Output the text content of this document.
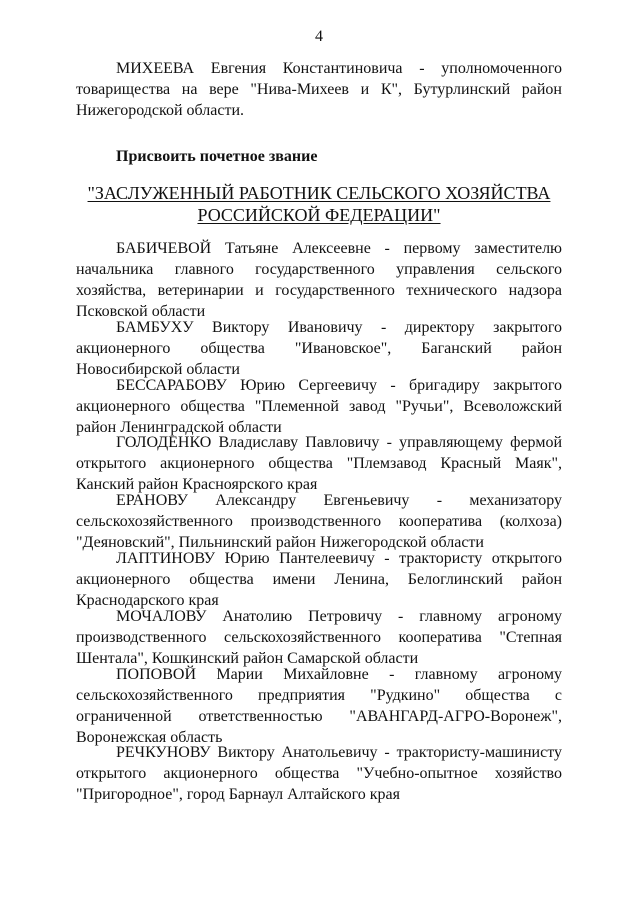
4

МИХЕЕВА Евгения Константиновича - уполномоченного товарищества на вере "Нива-Михеев и К", Бутурлинский район Нижегородской области.

Присвоить почетное звание
"ЗАСЛУЖЕННЫЙ РАБОТНИК СЕЛЬСКОГО ХОЗЯЙСТВА
РОССИЙСКОЙ ФЕДЕРАЦИИ"

БАБИЧЕВОЙ Татьяне Алексеевне - первому заместителю начальника главного государственного управления сельского хозяйства, ветеринарии и государственного технического надзора Псковской области

БАМБУХУ Виктору Ивановичу - директору закрытого акционерного общества "Ивановское", Баганский район Новосибирской области

БЕССАРАБОВУ Юрию Сергеевичу - бригадиру закрытого акционерного общества "Племенной завод "Ручьи", Всеволожский район Ленинградской области

ГОЛОДЕНКО Владиславу Павловичу - управляющему фермой открытого акционерного общества "Племзавод Красный Маяк", Канский район Красноярского края

ЕРАНОВУ Александру Евгеньевичу - механизатору сельскохозяйственного производственного кооператива (колхоза) "Деяновский", Пильнинский район Нижегородской области

ЛАПТИНОВУ Юрию Пантелеевичу - трактористу открытого акционерного общества имени Ленина, Белоглинский район Краснодарского края

МОЧАЛОВУ Анатолию Петровичу - главному агроному производственного сельскохозяйственного кооператива "Степная Шентала", Кошкинский район Самарской области

ПОПОВОЙ Марии Михайловне - главному агроному сельскохозяйственного предприятия "Рудкино" общества с ограниченной ответственностью "АВАНГАРД-АГРО-Воронеж", Воронежская область

РЕЧКУНОВУ Виктору Анатольевичу - трактористу-машинисту открытого акционерного общества "Учебно-опытное хозяйство "Пригородное", город Барнаул Алтайского края
